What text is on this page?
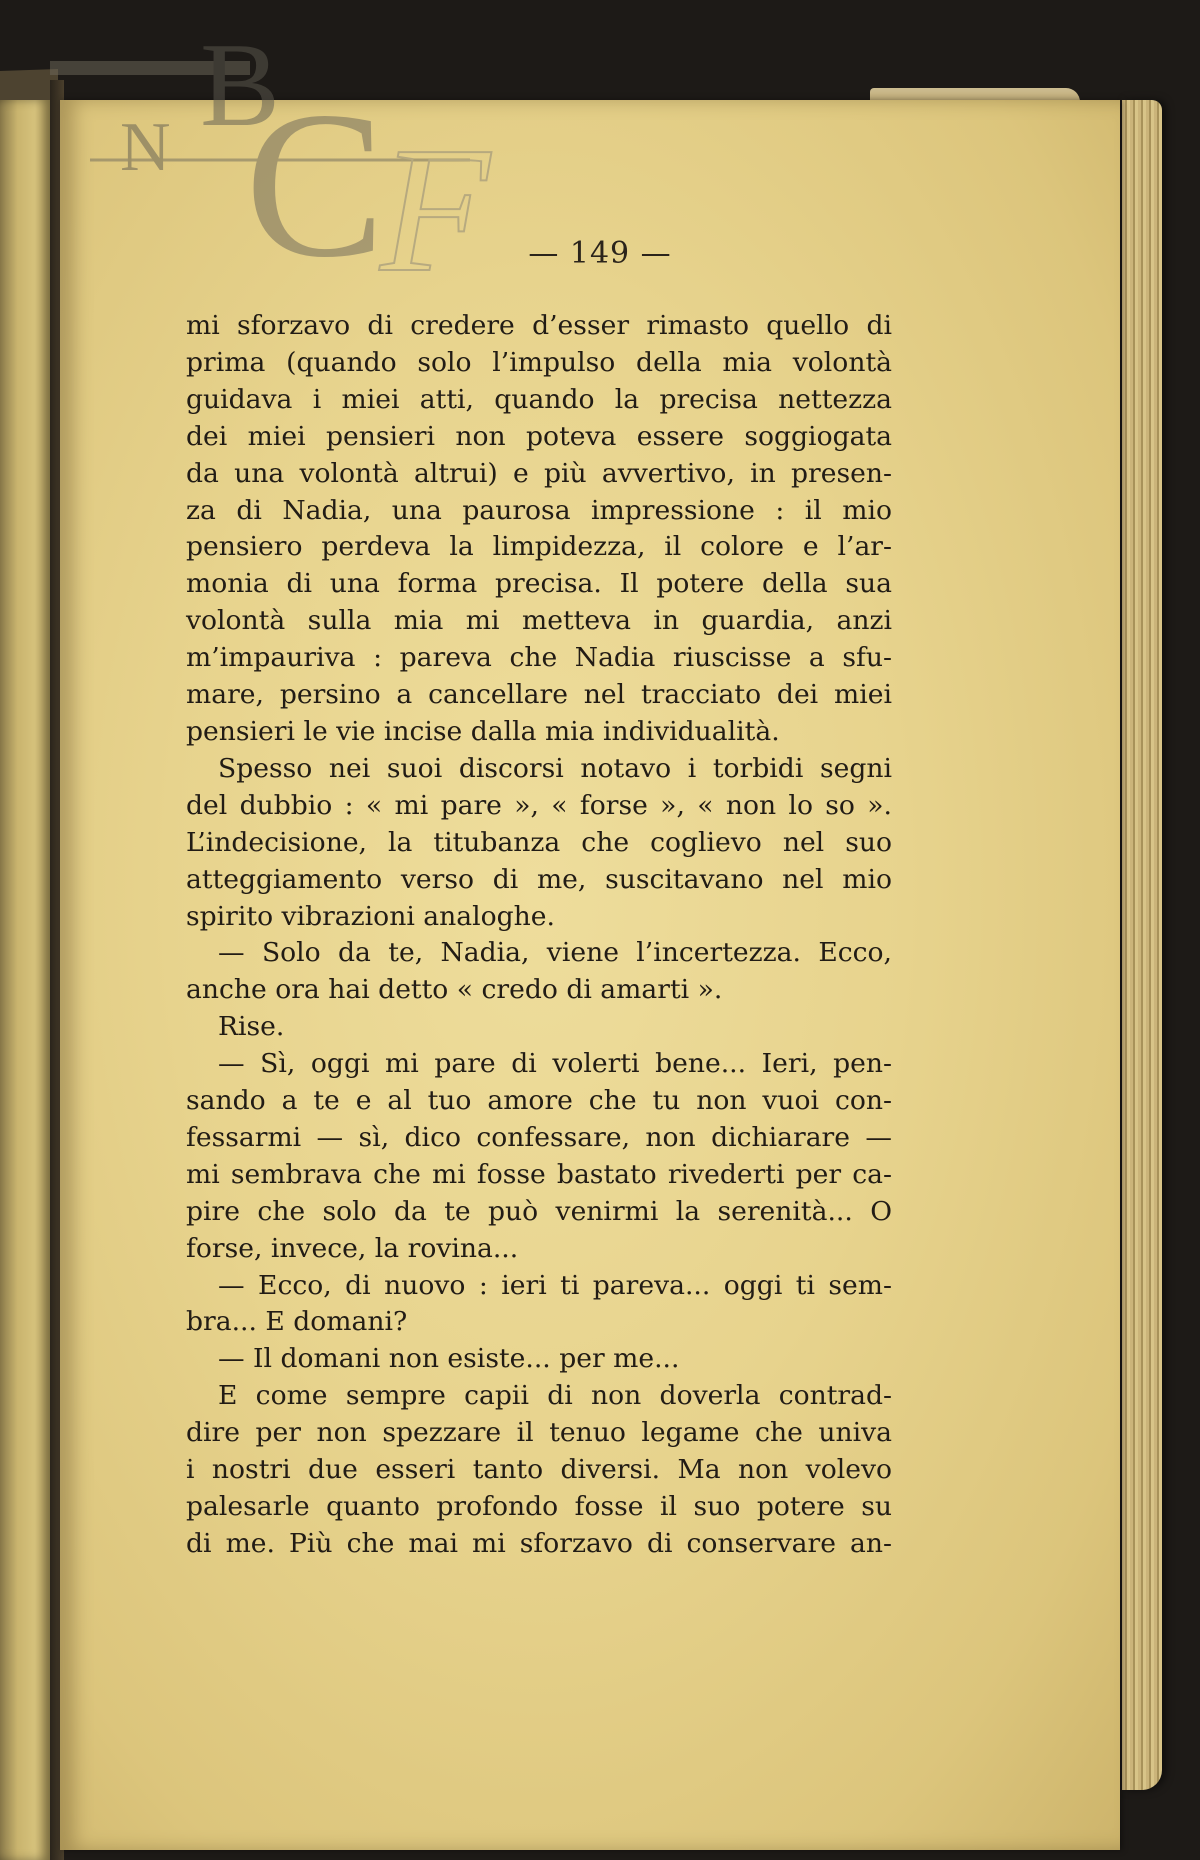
B
N C
F	— 149 —
mi sforzavo di credere d’esser rimasto quello di
prima (quando solo l’impulso della mia volontà
guidava i miei atti, quando la precisa nettezza
dei miei pensieri non poteva essere soggiogata
da una volontà altrui) e più avvertivo, in presen-
za di Nadia, una paurosa impressione : il mio
pensiero perdeva la limpidezza, il colore e l’ar-
monia di una forma precisa. Il potere della sua
volontà sulla mia mi metteva in guardia, anzi
m’impauriva : pareva che Nadia riuscisse a sfu-
mare, persino a cancellare nel tracciato dei miei
pensieri le vie incise dalla mia individualità.
Spesso nei suoi discorsi notavo i torbidi segni
del dubbio : « mi pare », « forse », « non lo so ».
L’indecisione, la titubanza che coglievo nel suo
atteggiamento verso di me, suscitavano nel mio
spirito vibrazioni analoghe.
— Solo da te, Nadia, viene l’incertezza. Ecco,
anche ora hai detto « credo di amarti ».
Rise.
— Sì, oggi mi pare di volerti bene... Ieri, pen-
sando a te e al tuo amore che tu non vuoi con-
fessarmi — sì, dico confessare, non dichiarare —
mi sembrava che mi fosse bastato rivederti per ca-
pire che solo da te può venirmi la serenità... O
forse, invece, la rovina...
— Ecco, di nuovo : ieri ti pareva... oggi ti sem-
bra... E domani?
— Il domani non esiste... per me...
E come sempre capii di non doverla contrad-
dire per non spezzare il tenuo legame che univa
i nostri due esseri tanto diversi. Ma non volevo
palesarle quanto profondo fosse il suo potere su
di me. Più che mai mi sforzavo di conservare an-
